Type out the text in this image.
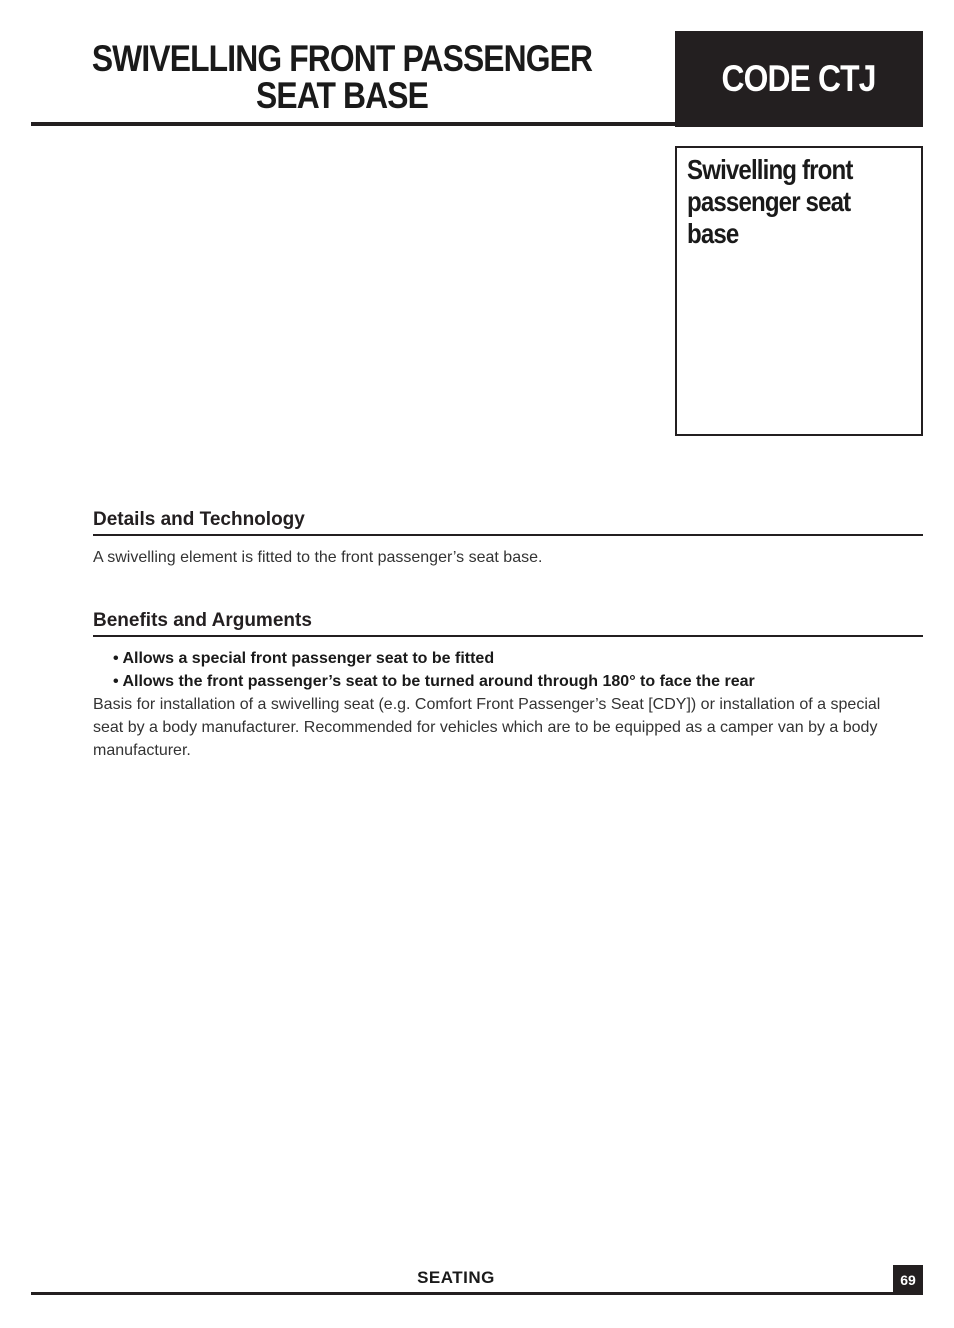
SWIVELLING FRONT PASSENGER
SEAT BASE	CODE CTJ
Swivelling front
passenger seat
base
Details and Technology
A swivelling element is fitted to the front passenger’s seat base.
Benefits and Arguments
• Allows a special front passenger seat to be fitted
• Allows the front passenger’s seat to be turned around through 180° to face the rear
Basis for installation of a swivelling seat (e.g. Comfort Front Passenger’s Seat [CDY]) or installation of a special seat by a body manufacturer. Recommended for vehicles which are to be equipped as a camper van by a body manufacturer.
SEATING	69
